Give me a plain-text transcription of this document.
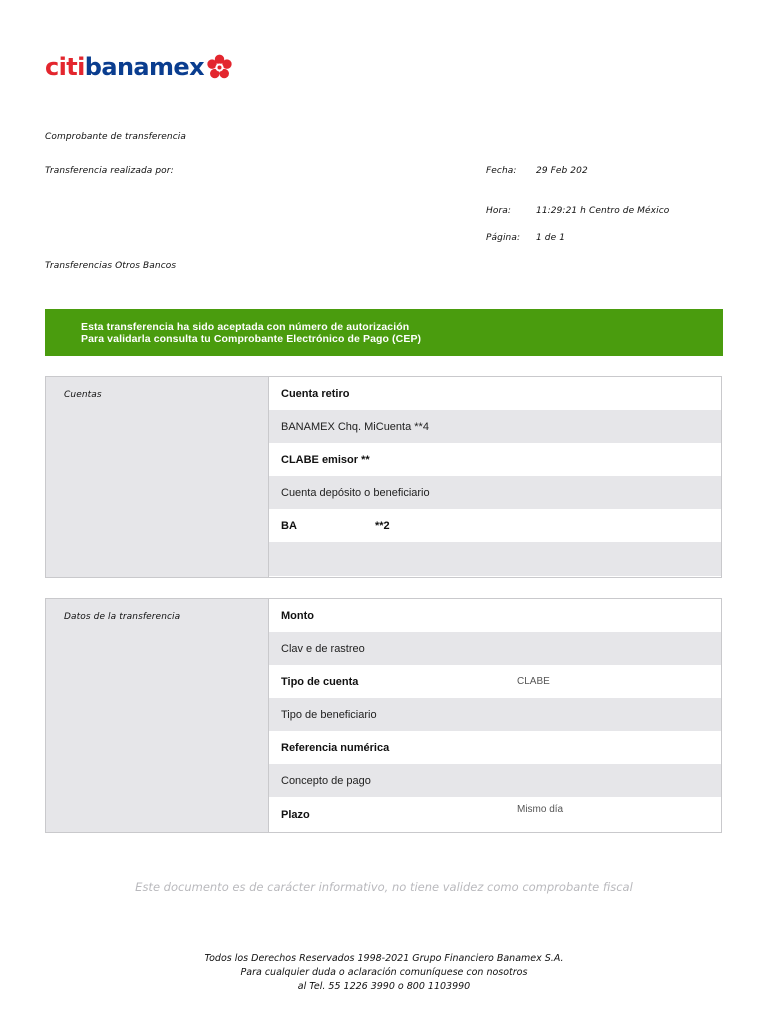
citi banamex
Comprobante de transferencia
Transferencia realizada por:
Transferencias Otros Bancos
Fecha: 29 Feb 202
Hora:	11:29:21 h Centro de México
Página: 1 de 1
Esta transferencia ha sido aceptada con número de autorización
Para validarla consulta tu Comprobante Electrónico de Pago (CEP)
Cuentas	Cuenta retiro
BANAMEX Chq. MiCuenta **4
CLABE emisor **
Cuenta depósito o beneficiario
BA	**2
Datos de la transferencia	Monto
Clav e de rastreo
Tipo de cuenta	CLABE
Tipo de beneficiario
Referencia numérica
Concepto de pago
Plazo	Mismo día
Este documento es de carácter informativo, no tiene validez como comprobante fiscal
Todos los Derechos Reservados 1998-2021 Grupo Financiero Banamex S.A.
Para cualquier duda o aclaración comuníquese con nosotros
al Tel. 55 1226 3990 o 800 1103990
